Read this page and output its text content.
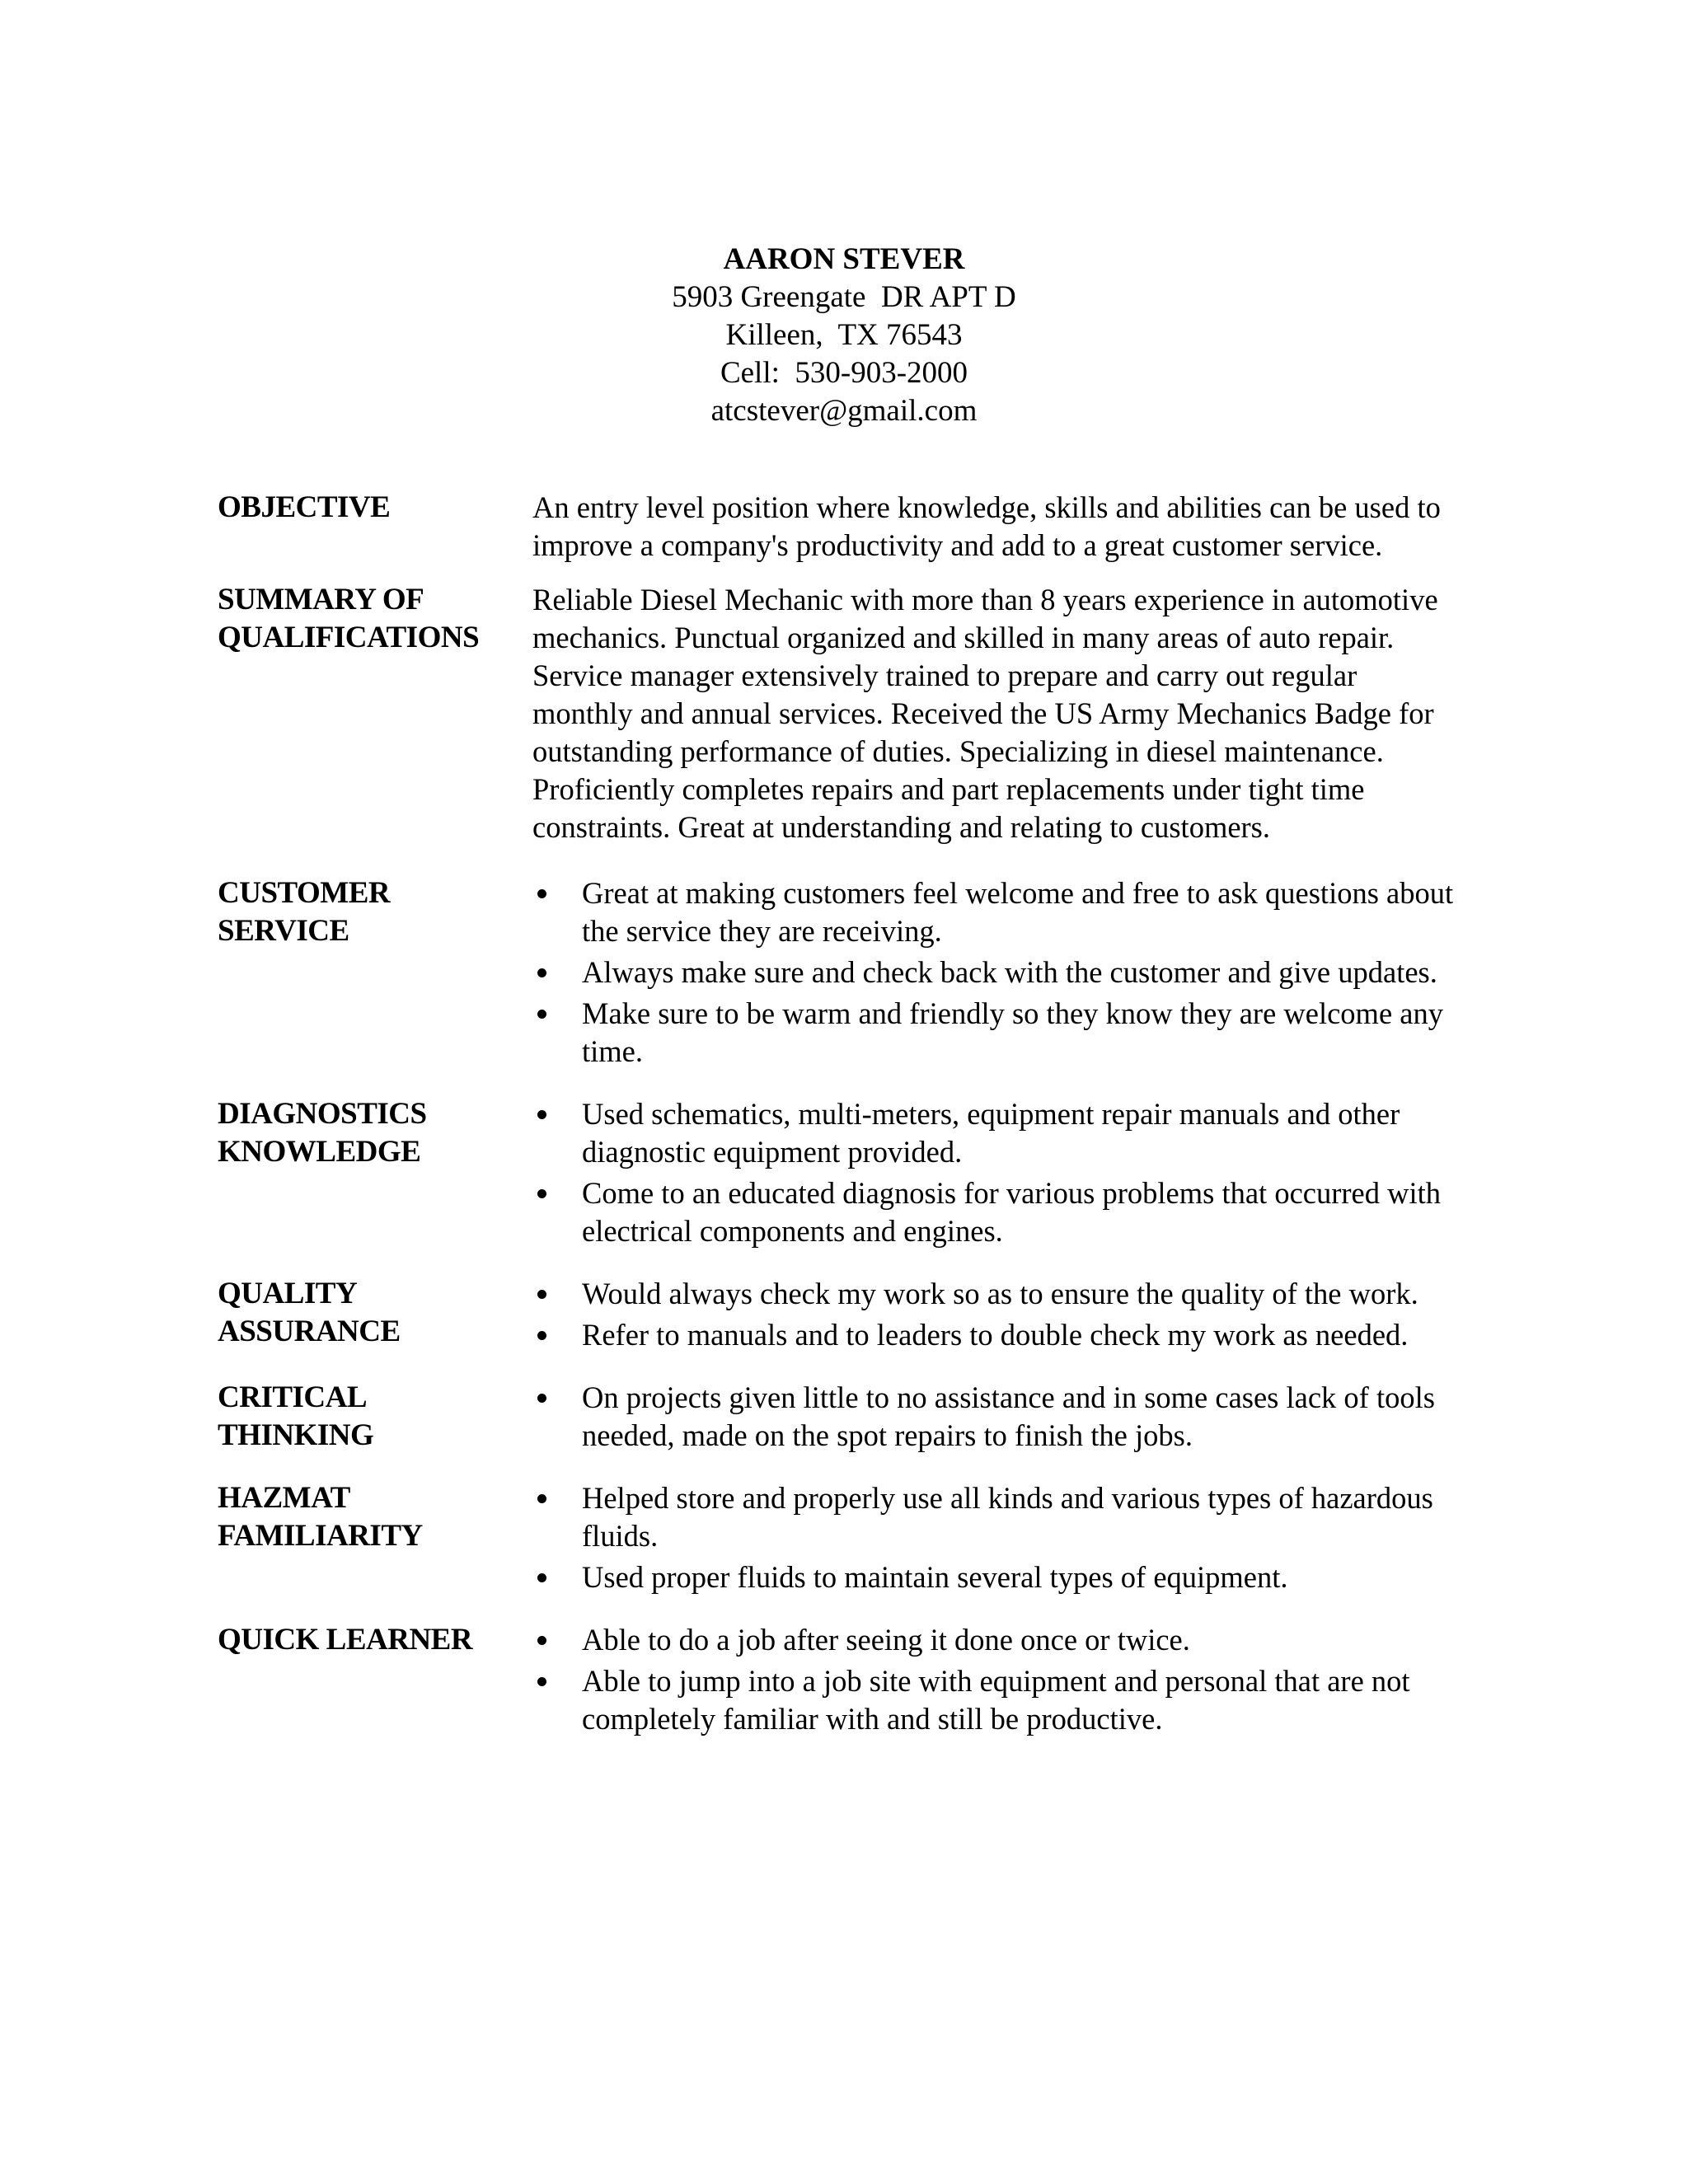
AARON STEVER
5903 Greengate  DR APT D
Killeen,  TX 76543
Cell:  530-903-2000
atcstever@gmail.com
OBJECTIVE	An entry level position where knowledge, skills and abilities can be used to improve a company's productivity and add to a great customer service.

SUMMARY OF
QUALIFICATIONS

Reliable Diesel Mechanic with more than 8 years experience in automotive mechanics. Punctual organized and skilled in many areas of auto repair. Service manager extensively trained to prepare and carry out regular monthly and annual services. Received the US Army Mechanics Badge for outstanding performance of duties. Specializing in diesel maintenance. Proficiently completes repairs and part replacements under tight time constraints. Great at understanding and relating to customers.

CUSTOMER
SERVICE
Great at making customers feel welcome and free to ask questions about the service they are receiving.
Always make sure and check back with the customer and give updates.
Make sure to be warm and friendly so they know they are welcome any time.
DIAGNOSTICS
KNOWLEDGE
Used schematics, multi-meters, equipment repair manuals and other diagnostic equipment provided.
Come to an educated diagnosis for various problems that occurred with electrical components and engines.
QUALITY
ASSURANCE
Would always check my work so as to ensure the quality of the work.
Refer to manuals and to leaders to double check my work as needed.
CRITICAL
THINKING
On projects given little to no assistance and in some cases lack of tools needed, made on the spot repairs to finish the jobs.
HAZMAT
FAMILIARITY
Helped store and properly use all kinds and various types of hazardous fluids.
Used proper fluids to maintain several types of equipment.
QUICK LEARNER	Able to do a job after seeing it done once or twice.
Able to jump into a job site with equipment and personal that are not completely familiar with and still be productive.
